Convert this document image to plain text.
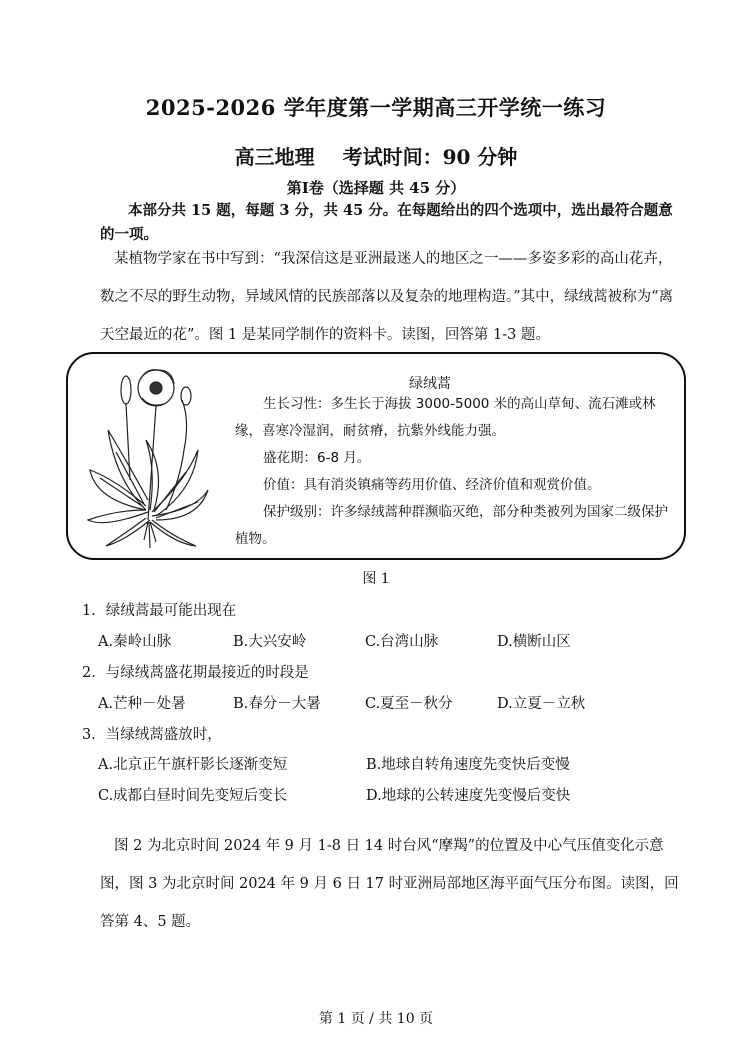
2025-2026 学年度第一学期高三开学统一练习
高三地理 考试时间：90 分钟
第Ⅰ卷（选择题 共 45 分）
本部分共 15 题，每题 3 分，共 45 分。在每题给出的四个选项中，选出最符合题意的一项。
某植物学家在书中写到：“我深信这是亚洲最迷人的地区之一——多姿多彩的高山花卉，数之不尽的野生动物，异域风情的民族部落以及复杂的地理构造。”其中，绿绒蒿被称为“离天空最近的花”。图 1 是某同学制作的资料卡。读图，回答第 1-3 题。
绿绒蒿
生长习性：多生长于海拔 3000-5000 米的高山草甸、流石滩或林缘，喜寒冷湿润，耐贫瘠，抗紫外线能力强。
盛花期：6-8 月。
价值：具有消炎镇痛等药用价值、经济价值和观赏价值。
保护级别：许多绿绒蒿种群濒临灭绝，部分种类被列为国家二级保护植物。
图 1
1．绿绒蒿最可能出现在
A.秦岭山脉	B.大兴安岭	C.台湾山脉	D.横断山区
2．与绿绒蒿盛花期最接近的时段是
A.芒种－处暑	B.春分－大暑	C.夏至－秋分	D.立夏－立秋
3．当绿绒蒿盛放时，
A.北京正午旗杆影长逐渐变短	B.地球自转角速度先变快后变慢
C.成都白昼时间先变短后变长	D.地球的公转速度先变慢后变快
图 2 为北京时间 2024 年 9 月 1-8 日 14 时台风“摩羯”的位置及中心气压值变化示意图，图 3 为北京时间 2024 年 9 月 6 日 17 时亚洲局部地区海平面气压分布图。读图，回答第 4、5 题。
第 1 页 / 共 10 页
